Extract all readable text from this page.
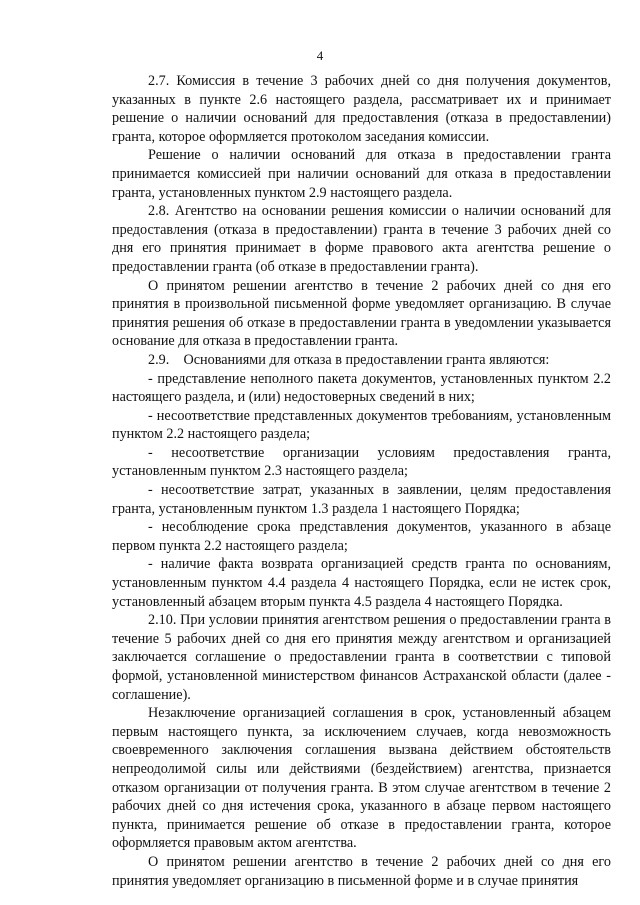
4

2.7. Комиссия в течение 3 рабочих дней со дня получения документов, указанных в пункте 2.6 настоящего раздела, рассматривает их и принимает решение о наличии оснований для предоставления (отказа в предоставлении) гранта, которое оформляется протоколом заседания комиссии.

Решение о наличии оснований для отказа в предоставлении гранта принимается комиссией при наличии оснований для отказа в предоставлении гранта, установленных пунктом 2.9 настоящего раздела.

2.8. Агентство на основании решения комиссии о наличии оснований для предоставления (отказа в предоставлении) гранта в течение 3 рабочих дней со дня его принятия принимает в форме правового акта агентства решение о предоставлении гранта (об отказе в предоставлении гранта).

О принятом решении агентство в течение 2 рабочих дней со дня его принятия в произвольной письменной форме уведомляет организацию. В случае принятия решения об отказе в предоставлении гранта в уведомлении указывается основание для отказа в предоставлении гранта.

2.9.    Основаниями для отказа в предоставлении гранта являются:

- представление неполного пакета документов, установленных пунктом 2.2 настоящего раздела, и (или) недостоверных сведений в них;

- несоответствие представленных документов требованиям, установленным пунктом 2.2 настоящего раздела;

- несоответствие организации условиям предоставления гранта, установленным пунктом 2.3 настоящего раздела;

- несоответствие затрат, указанных в заявлении, целям предоставления гранта, установленным пунктом 1.3 раздела 1 настоящего Порядка;

- несоблюдение срока представления документов, указанного в абзаце первом пункта 2.2 настоящего раздела;

- наличие факта возврата организацией средств гранта по основаниям, установленным пунктом 4.4 раздела 4 настоящего Порядка, если не истек срок, установленный абзацем вторым пункта 4.5 раздела 4 настоящего Порядка.

2.10. При условии принятия агентством решения о предоставлении гранта в течение 5 рабочих дней со дня его принятия между агентством и организацией заключается соглашение о предоставлении гранта в соответствии с типовой формой, установленной министерством финансов Астраханской области (далее - соглашение).

Незаключение организацией соглашения в срок, установленный абзацем первым настоящего пункта, за исключением случаев, когда невозможность своевременного заключения соглашения вызвана действием обстоятельств непреодолимой силы или действиями (бездействием) агентства, признается отказом организации от получения гранта. В этом случае агентством в течение 2 рабочих дней со дня истечения срока, указанного в абзаце первом настоящего пункта, принимается решение об отказе в предоставлении гранта, которое оформляется правовым актом агентства.

О принятом решении агентство в течение 2 рабочих дней со дня его принятия уведомляет организацию в письменной форме и в случае принятия
